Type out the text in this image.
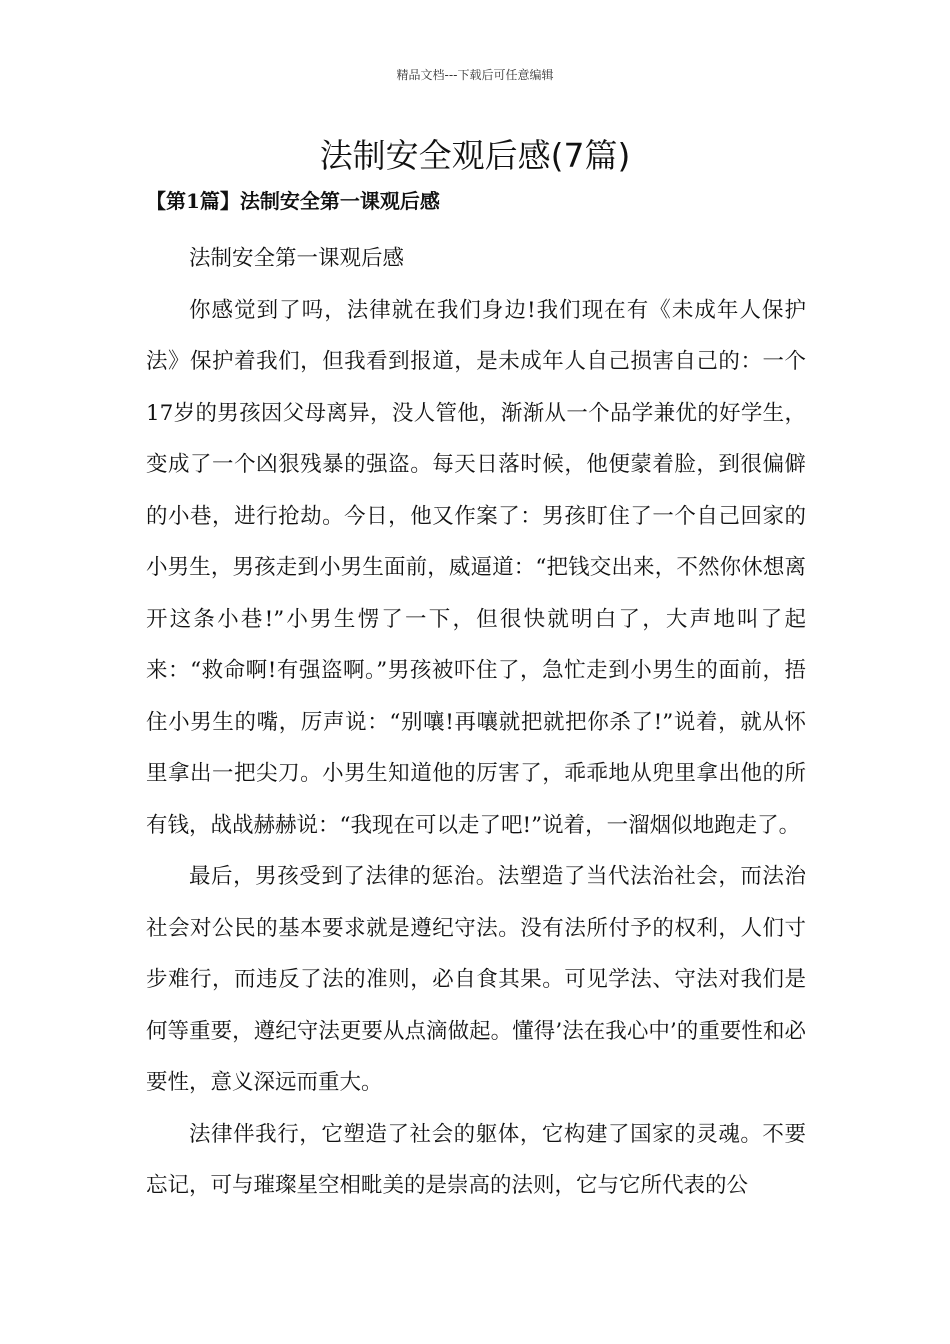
精品文档---下载后可任意编辑
法制安全观后感(7篇)
【第1篇】法制安全第一课观后感

法制安全第一课观后感

你感觉到了吗，法律就在我们身边!我们现在有《未成年人保护法》保护着我们，但我看到报道，是未成年人自己损害自己的：一个17岁的男孩因父母离异，没人管他，渐渐从一个品学兼优的好学生，变成了一个凶狠残暴的强盗。每天日落时候，他便蒙着脸，到很偏僻的小巷，进行抢劫。今日，他又作案了：男孩盯住了一个自己回家的小男生，男孩走到小男生面前，威逼道：“把钱交出来，不然你休想离开这条小巷!”小男生愣了一下，但很快就明白了，大声地叫了起来：“救命啊!有强盗啊。”男孩被吓住了，急忙走到小男生的面前，捂住小男生的嘴，厉声说：“别嚷!再嚷就把就把你杀了!”说着，就从怀里拿出一把尖刀。小男生知道他的厉害了，乖乖地从兜里拿出他的所有钱，战战赫赫说：“我现在可以走了吧!”说着，一溜烟似地跑走了。

最后，男孩受到了法律的惩治。法塑造了当代法治社会，而法治社会对公民的基本要求就是遵纪守法。没有法所付予的权利，人们寸步难行，而违反了法的准则，必自食其果。可见学法、守法对我们是何等重要，遵纪守法更要从点滴做起。懂得’法在我心中’的重要性和必要性，意义深远而重大。

法律伴我行，它塑造了社会的躯体，它构建了国家的灵魂。不要忘记，可与璀璨星空相毗美的是崇高的法则，它与它所代表的公
